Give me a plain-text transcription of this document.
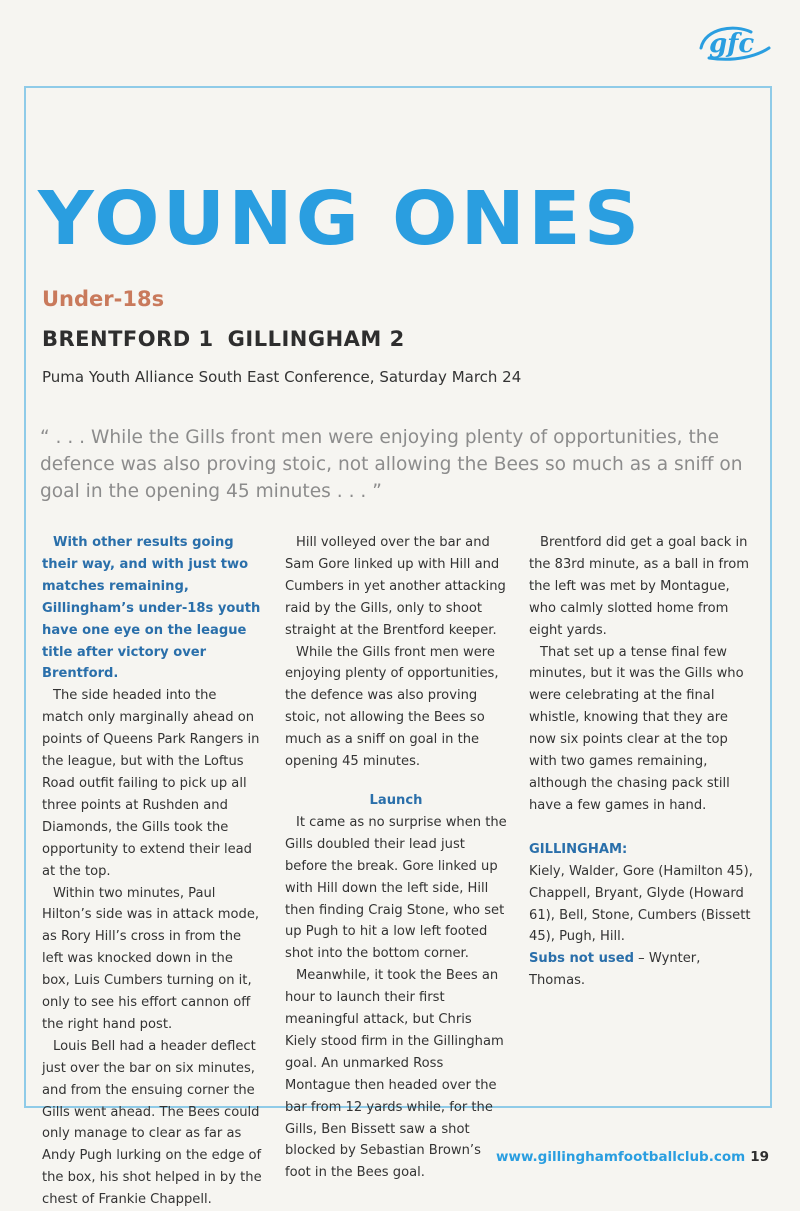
gfc
YOUNG ONES
Under-18s
BRENTFORD 1 GILLINGHAM 2

Puma Youth Alliance South East Conference, Saturday March 24

“ . . . While the Gills front men were enjoying plenty of opportunities, the defence was also proving stoic, not allowing the Bees so much as a sniff on goal in the opening 45 minutes . . . ”

With other results going their way, and with just two matches remaining, Gillingham’s under-18s youth have one eye on the league title after victory over Brentford.

The side headed into the match only marginally ahead on points of Queens Park Rangers in the league, but with the Loftus Road outfit failing to pick up all three points at Rushden and Diamonds, the Gills took the opportunity to extend their lead at the top.

Within two minutes, Paul Hilton’s side was in attack mode, as Rory Hill’s cross in from the left was knocked down in the box, Luis Cumbers turning on it, only to see his effort cannon off the right hand post.

Louis Bell had a header deflect just over the bar on six minutes, and from the ensuing corner the Gills went ahead. The Bees could only manage to clear as far as Andy Pugh lurking on the edge of the box, his shot helped in by the chest of Frankie Chappell.

Hill volleyed over the bar and Sam Gore linked up with Hill and Cumbers in yet another attacking raid by the Gills, only to shoot straight at the Brentford keeper.

While the Gills front men were enjoying plenty of opportunities, the defence was also proving stoic, not allowing the Bees so much as a sniff on goal in the opening 45 minutes.

Launch

It came as no surprise when the Gills doubled their lead just before the break. Gore linked up with Hill down the left side, Hill then finding Craig Stone, who set up Pugh to hit a low left footed shot into the bottom corner.

Meanwhile, it took the Bees an hour to launch their first meaningful attack, but Chris Kiely stood firm in the Gillingham goal. An unmarked Ross Montague then headed over the bar from 12 yards while, for the Gills, Ben Bissett saw a shot blocked by Sebastian Brown’s foot in the Bees goal.

Brentford did get a goal back in the 83rd minute, as a ball in from the left was met by Montague, who calmly slotted home from eight yards.

That set up a tense final few minutes, but it was the Gills who were celebrating at the final whistle, knowing that they are now six points clear at the top with two games remaining, although the chasing pack still have a few games in hand.

GILLINGHAM:

Kiely, Walder, Gore (Hamilton 45), Chappell, Bryant, Glyde (Howard 61), Bell, Stone, Cumbers (Bissett 45), Pugh, Hill.

Subs not used – Wynter, Thomas.

www.gillinghamfootballclub.com 19
